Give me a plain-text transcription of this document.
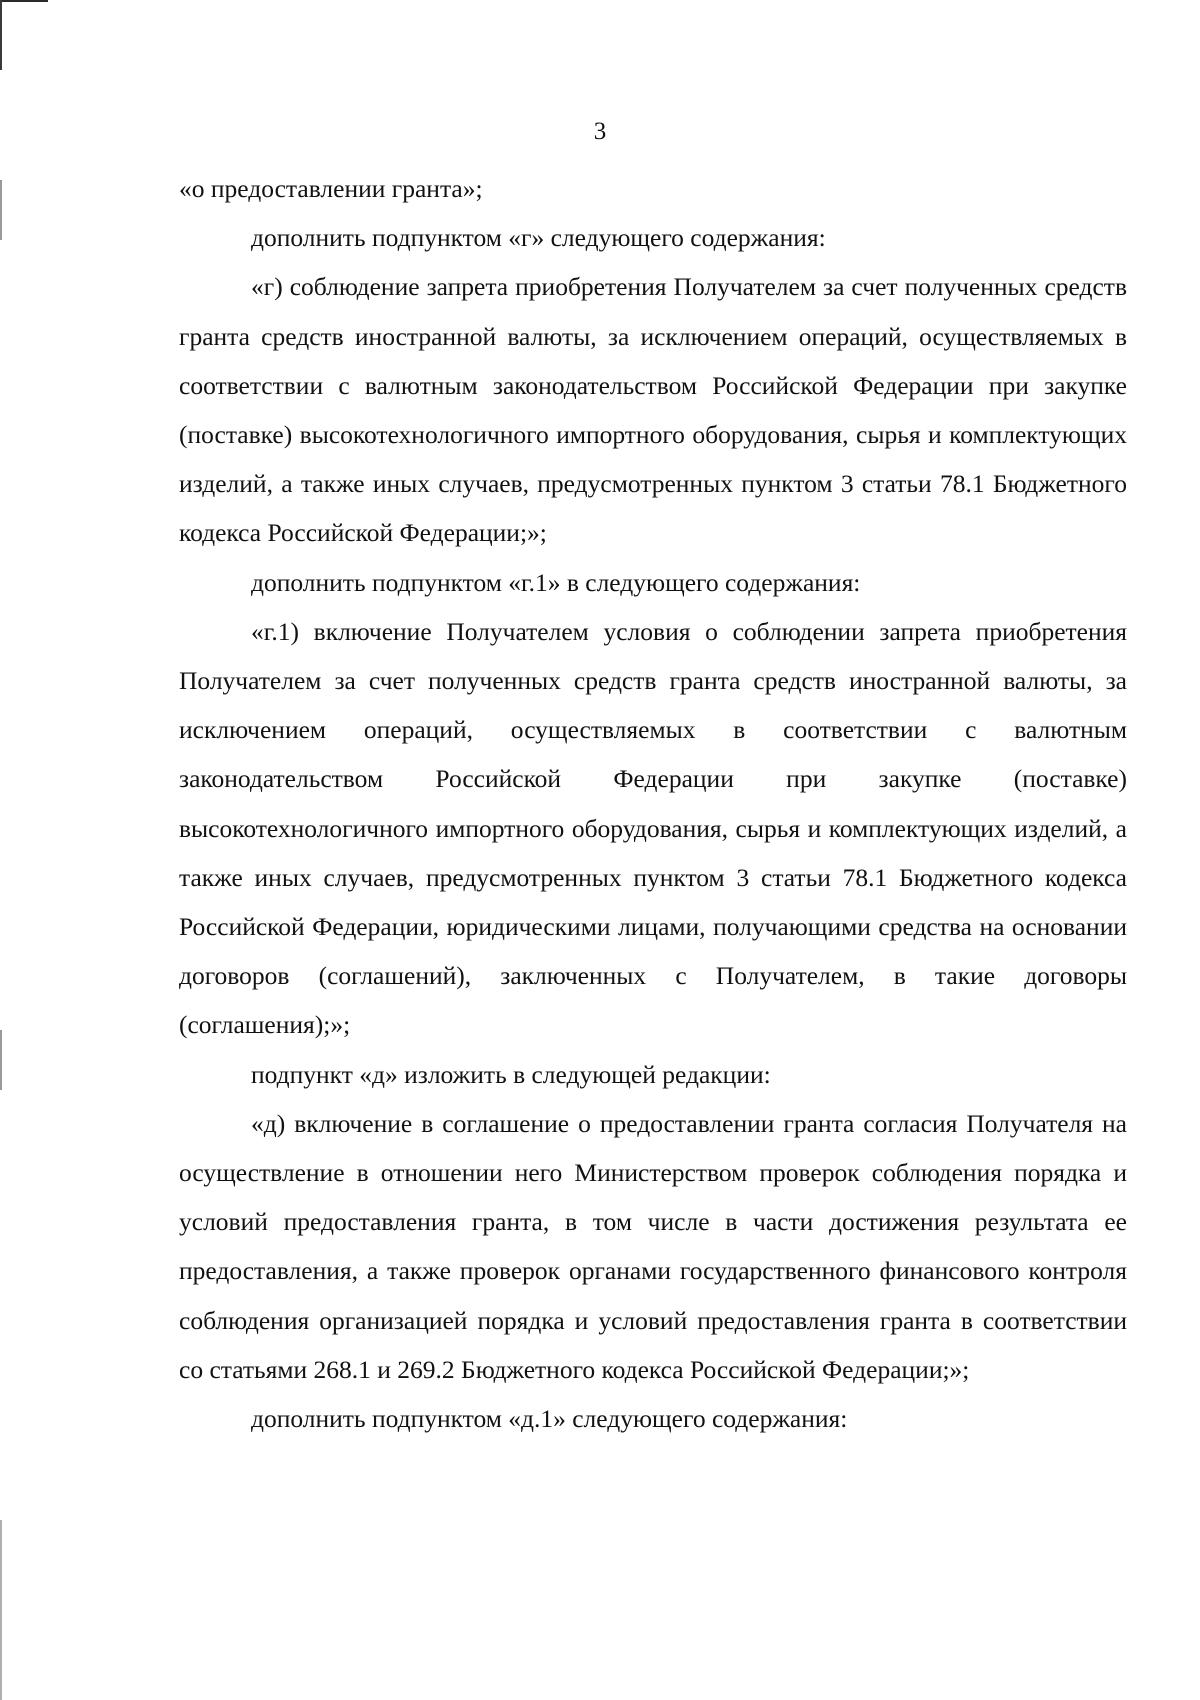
3

«о предоставлении гранта»;

дополнить подпунктом «г» следующего содержания:

«г) соблюдение запрета приобретения Получателем за счет полученных средств гранта средств иностранной валюты, за исключением операций, осуществляемых в соответствии с валютным законодательством Российской Федерации при закупке (поставке) высокотехнологичного импортного оборудования, сырья и комплектующих изделий, а также иных случаев, предусмотренных пунктом 3 статьи 78.1 Бюджетного кодекса Российской Федерации;»;

дополнить подпунктом «г.1» в следующего содержания:

«г.1) включение Получателем условия о соблюдении запрета приобретения Получателем за счет полученных средств гранта средств иностранной валюты, за исключением операций, осуществляемых в соответствии с валютным законодательством Российской Федерации при закупке (поставке) высокотехнологичного импортного оборудования, сырья и комплектующих изделий, а также иных случаев, предусмотренных пунктом 3 статьи 78.1 Бюджетного кодекса Российской Федерации, юридическими лицами, получающими средства на основании договоров (соглашений), заключенных с Получателем, в такие договоры (соглашения);»;

подпункт «д» изложить в следующей редакции:

«д) включение в соглашение о предоставлении гранта согласия Получателя на осуществление в отношении него Министерством проверок соблюдения порядка и условий предоставления гранта, в том числе в части достижения результата ее предоставления, а также проверок органами государственного финансового контроля соблюдения организацией порядка и условий предоставления гранта в соответствии со статьями 268.1 и 269.2 Бюджетного кодекса Российской Федерации;»;

дополнить подпунктом «д.1» следующего содержания:
